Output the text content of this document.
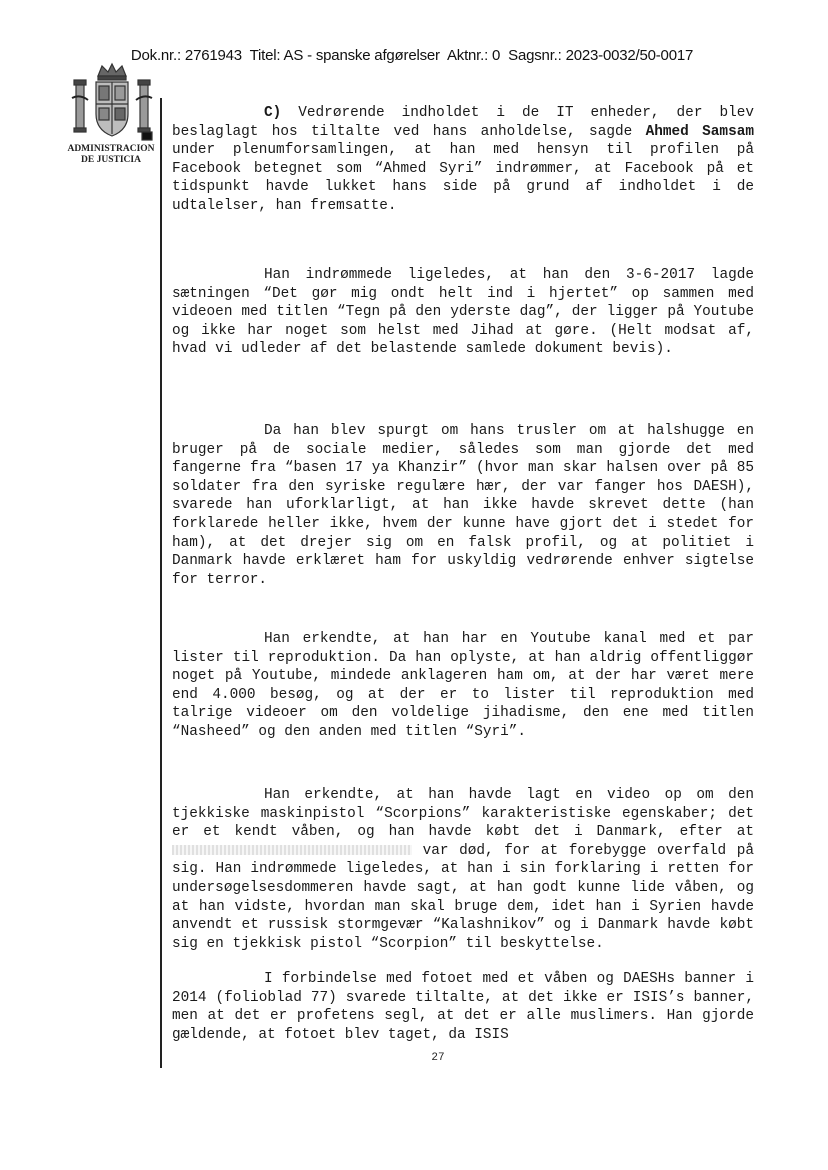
Dok.nr.: 2761943 Titel: AS - spanske afgørelser Aktnr.: 0 Sagsnr.: 2023-0032/50-0017
ADMINISTRACION
DE JUSTICIA

C) Vedrørende indholdet i de IT enheder, der blev beslaglagt hos tiltalte ved hans anholdelse, sagde Ahmed Samsam under plenumforsamlingen, at han med hensyn til profilen på Facebook betegnet som “Ahmed Syri” indrømmer, at Facebook på et tidspunkt havde lukket hans side på grund af indholdet i de udtalelser, han fremsatte.

Han indrømmede ligeledes, at han den 3-6-2017 lagde sætningen “Det gør mig ondt helt ind i hjertet” op sammen med videoen med titlen “Tegn på den yderste dag”, der ligger på Youtube og ikke har noget som helst med Jihad at gøre. (Helt modsat af, hvad vi udleder af det belastende samlede dokument bevis).

Da han blev spurgt om hans trusler om at halshugge en bruger på de sociale medier, således som man gjorde det med fangerne fra “basen 17 ya Khanzir” (hvor man skar halsen over på 85 soldater fra den syriske regulære hær, der var fanger hos DAESH), svarede han uforklarligt, at han ikke havde skrevet dette (han forklarede heller ikke, hvem der kunne have gjort det i stedet for ham), at det drejer sig om en falsk profil, og at politiet i Danmark havde erklæret ham for uskyldig vedrørende enhver sigtelse for terror.

Han erkendte, at han har en Youtube kanal med et par lister til reproduktion. Da han oplyste, at han aldrig offentliggør noget på Youtube, mindede anklageren ham om, at der har været mere end 4.000 besøg, og at der er to lister til reproduktion med talrige videoer om den voldelige jihadisme, den ene med titlen “Nasheed” og den anden med titlen “Syri”.

Han erkendte, at han havde lagt en video op om den tjekkiske maskinpistol “Scorpions” karakteristiske egenskaber; det er et kendt våben, og han havde købt det i Danmark, efter at  var død, for at forebygge overfald på sig. Han indrømmede ligeledes, at han i sin forklaring i retten for undersøgelsesdommeren havde sagt, at han godt kunne lide våben, og at han vidste, hvordan man skal bruge dem, idet han i Syrien havde anvendt et russisk stormgevær “Kalashnikov” og i Danmark havde købt sig en tjekkisk pistol “Scorpion” til beskyttelse.

I forbindelse med fotoet med et våben og DAESHs banner i 2014 (folioblad 77) svarede tiltalte, at det ikke er ISIS’s banner, men at det er profetens segl, at det er alle muslimers. Han gjorde gældende, at fotoet blev taget, da ISIS

27
